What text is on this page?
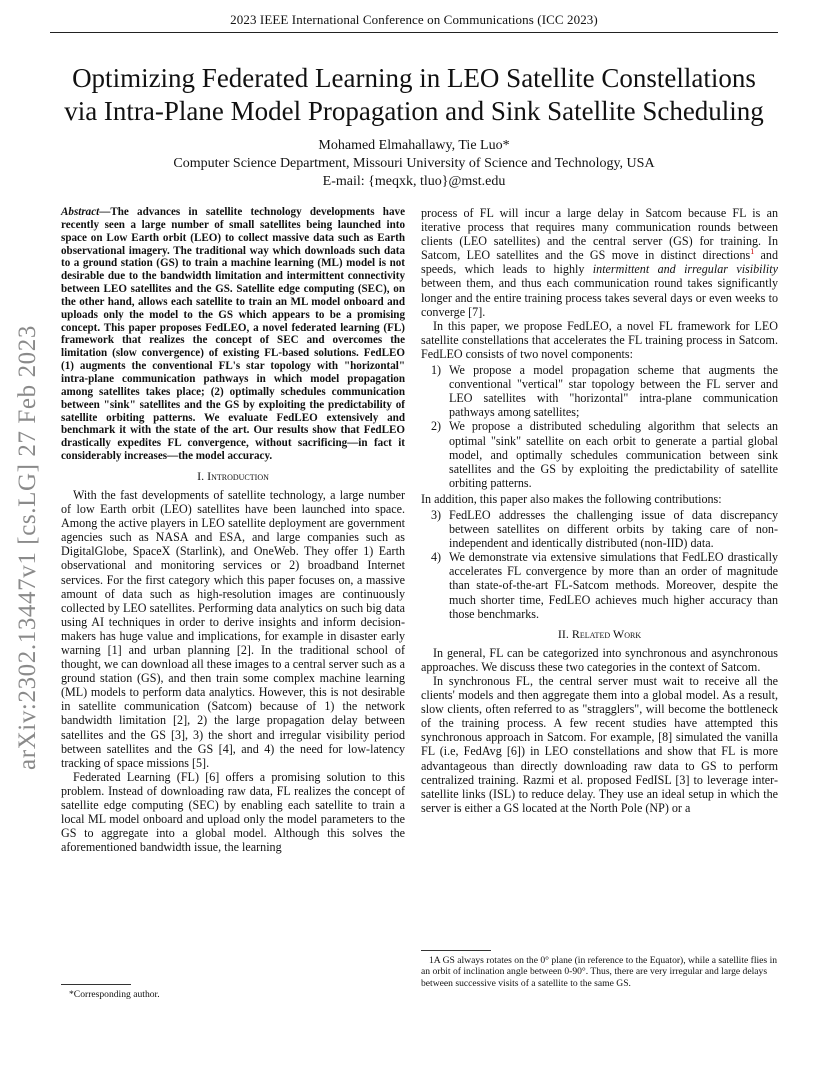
2023 IEEE International Conference on Communications (ICC 2023)
Optimizing Federated Learning in LEO Satellite Constellations
via Intra-Plane Model Propagation and Sink Satellite Scheduling
Mohamed Elmahallawy, Tie Luo*
Computer Science Department, Missouri University of Science and Technology, USA
E-mail: {meqxk, tluo}@mst.edu
arXiv:2302.13447v1 [cs.LG] 27 Feb 2023
Abstract—The advances in satellite technology developments have recently seen a large number of small satellites being launched into space on Low Earth orbit (LEO) to collect massive data such as Earth observational imagery. The traditional way which downloads such data to a ground station (GS) to train a machine learning (ML) model is not desirable due to the bandwidth limitation and intermittent connectivity between LEO satellites and the GS. Satellite edge computing (SEC), on the other hand, allows each satellite to train an ML model onboard and uploads only the model to the GS which appears to be a promising concept. This paper proposes FedLEO, a novel federated learning (FL) framework that realizes the concept of SEC and overcomes the limitation (slow convergence) of existing FL-based solutions. FedLEO (1) augments the conventional FL's star topology with "horizontal" intra-plane communication pathways in which model propagation among satellites takes place; (2) optimally schedules communication between "sink" satellites and the GS by exploiting the predictability of satellite orbiting patterns. We evaluate FedLEO extensively and benchmark it with the state of the art. Our results show that FedLEO drastically expedites FL convergence, without sacrificing—in fact it considerably increases—the model accuracy.
I. Introduction

With the fast developments of satellite technology, a large number of low Earth orbit (LEO) satellites have been launched into space. Among the active players in LEO satellite deployment are government agencies such as NASA and ESA, and large companies such as DigitalGlobe, SpaceX (Starlink), and OneWeb. They offer 1) Earth observational and monitoring services or 2) broadband Internet services. For the first category which this paper focuses on, a massive amount of data such as high-resolution images are continuously collected by LEO satellites. Performing data analytics on such big data using AI techniques in order to derive insights and inform decision-makers has huge value and implications, for example in disaster early warning [1] and urban planning [2]. In the traditional school of thought, we can download all these images to a central server such as a ground station (GS), and then train some complex machine learning (ML) models to perform data analytics. However, this is not desirable in satellite communication (Satcom) because of 1) the network bandwidth limitation [2], 2) the large propagation delay between satellites and the GS [3], 3) the short and irregular visibility period between satellites and the GS [4], and 4) the need for low-latency tracking of space missions [5].

Federated Learning (FL) [6] offers a promising solution to this problem. Instead of downloading raw data, FL realizes the concept of satellite edge computing (SEC) by enabling each satellite to train a local ML model onboard and upload only the model parameters to the GS to aggregate into a global model. Although this solves the aforementioned bandwidth issue, the learning

*Corresponding author.

process of FL will incur a large delay in Satcom because FL is an iterative process that requires many communication rounds between clients (LEO satellites) and the central server (GS) for training. In Satcom, LEO satellites and the GS move in distinct directions$^1$ and speeds, which leads to highly intermittent and irregular visibility between them, and thus each communication round takes significantly longer and the entire training process takes several days or even weeks to converge [7].

In this paper, we propose FedLEO, a novel FL framework for LEO satellite constellations that accelerates the FL training process in Satcom. FedLEO consists of two novel components:

1) We propose a model propagation scheme that augments the conventional "vertical" star topology between the FL server and LEO satellites with "horizontal" intra-plane communication pathways among satellites;
2) We propose a distributed scheduling algorithm that selects an optimal "sink" satellite on each orbit to generate a partial global model, and optimally schedules communication between sink satellites and the GS by exploiting the predictability of satellite orbiting patterns.

In addition, this paper also makes the following contributions:

3) FedLEO addresses the challenging issue of data discrepancy between satellites on different orbits by taking care of non-independent and identically distributed (non-IID) data.
4) We demonstrate via extensive simulations that FedLEO drastically accelerates FL convergence by more than an order of magnitude than state-of-the-art FL-Satcom methods. Moreover, despite the much shorter time, FedLEO achieves much higher accuracy than those benchmarks.
II. Related Work

In general, FL can be categorized into synchronous and asynchronous approaches. We discuss these two categories in the context of Satcom.

In synchronous FL, the central server must wait to receive all the clients' models and then aggregate them into a global model. As a result, slow clients, often referred to as "stragglers", will become the bottleneck of the training process. A few recent studies have attempted this synchronous approach in Satcom. For example, [8] simulated the vanilla FL (i.e, FedAvg [6]) in LEO constellations and show that FL is more advantageous than directly downloading raw data to GS to perform centralized training. Razmi et al. proposed FedISL [3] to leverage inter-satellite links (ISL) to reduce delay. They use an ideal setup in which the server is either a GS located at the North Pole (NP) or a

1A GS always rotates on the 0° plane (in reference to the Equator), while a satellite flies in an orbit of inclination angle between 0-90°. Thus, there are very irregular and large delays between successive visits of a satellite to the same GS.
